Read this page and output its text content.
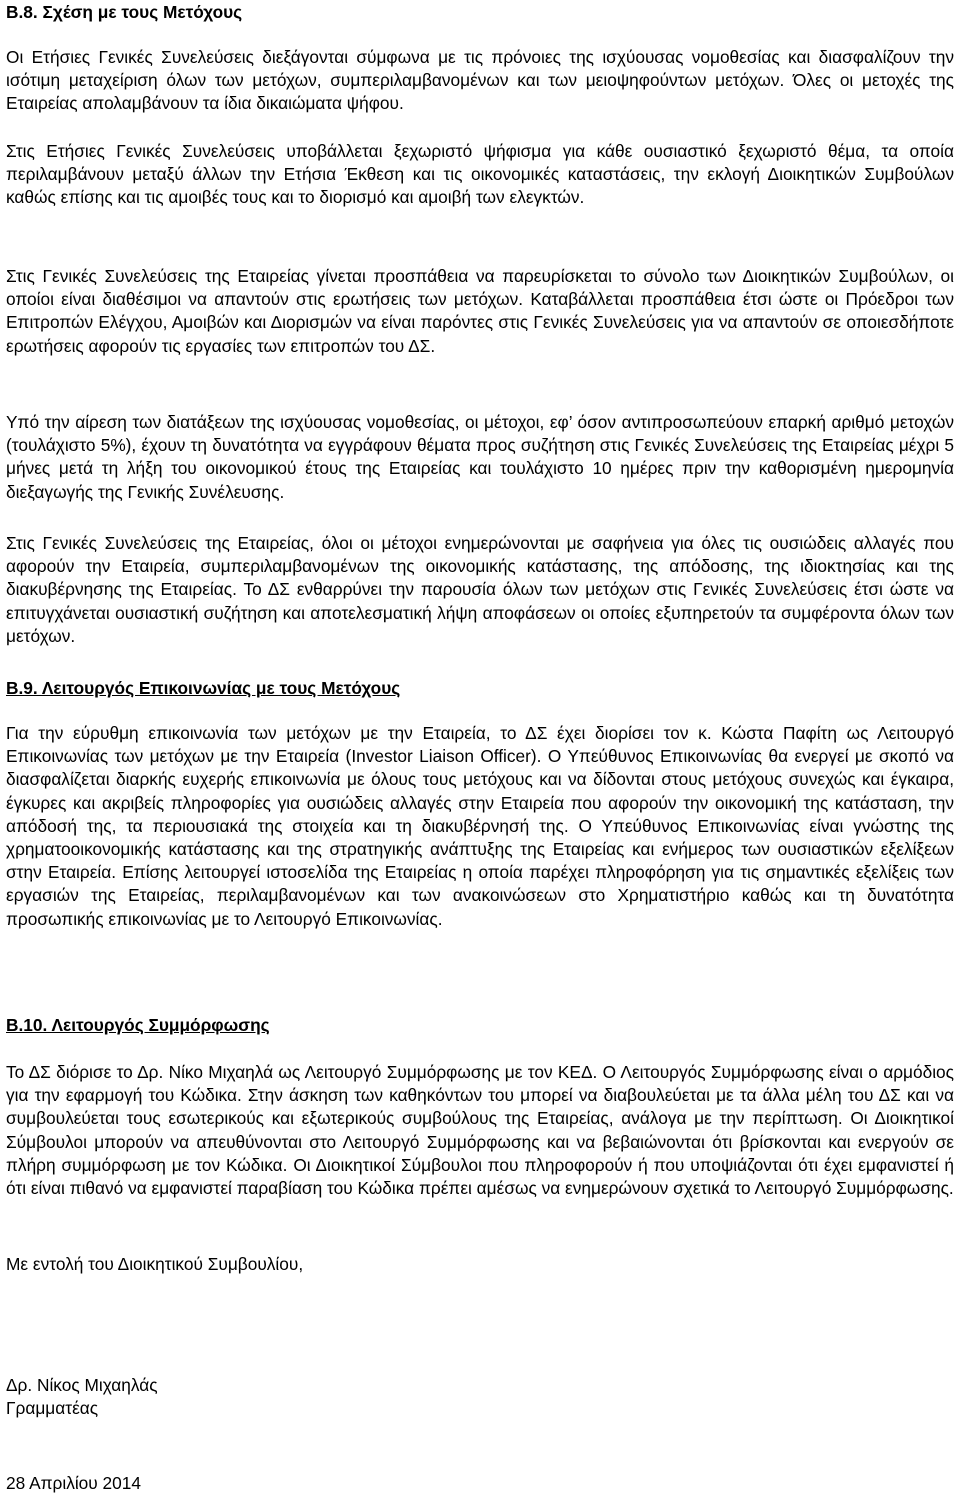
Β.8. Σχέση με τους Μετόχους

Οι Ετήσιες Γενικές Συνελεύσεις διεξάγονται σύμφωνα με τις πρόνοιες της ισχύουσας νομοθεσίας και διασφαλίζουν την ισότιμη μεταχείριση όλων των μετόχων, συμπεριλαμβανομένων και των μειοψηφούντων μετόχων. Όλες οι μετοχές της Εταιρείας απολαμβάνουν τα ίδια δικαιώματα ψήφου.

Στις Ετήσιες Γενικές Συνελεύσεις υποβάλλεται ξεχωριστό ψήφισμα για κάθε ουσιαστικό ξεχωριστό θέμα, τα οποία περιλαμβάνουν μεταξύ άλλων την Ετήσια Έκθεση και τις οικονομικές καταστάσεις, την εκλογή Διοικητικών Συμβούλων καθώς επίσης και τις αμοιβές τους και το διορισμό και αμοιβή των ελεγκτών.

Στις Γενικές Συνελεύσεις της Εταιρείας γίνεται προσπάθεια να παρευρίσκεται το σύνολο των Διοικητικών Συμβούλων, οι οποίοι είναι διαθέσιμοι να απαντούν στις ερωτήσεις των μετόχων. Καταβάλλεται προσπάθεια έτσι ώστε οι Πρόεδροι των Επιτροπών Ελέγχου, Αμοιβών και Διορισμών να είναι παρόντες στις Γενικές Συνελεύσεις για να απαντούν σε οποιεσδήποτε ερωτήσεις αφορούν τις εργασίες των επιτροπών του ΔΣ.

Υπό την αίρεση των διατάξεων της ισχύουσας νομοθεσίας, οι μέτοχοι, εφ’ όσον αντιπροσωπεύουν επαρκή αριθμό μετοχών (τουλάχιστο 5%), έχουν τη δυνατότητα να εγγράφουν θέματα προς συζήτηση στις Γενικές Συνελεύσεις της Εταιρείας μέχρι 5 μήνες μετά τη λήξη του οικονομικού έτους της Εταιρείας και τουλάχιστο 10 ημέρες πριν την καθορισμένη ημερομηνία διεξαγωγής της Γενικής Συνέλευσης.

Στις Γενικές Συνελεύσεις της Εταιρείας, όλοι οι μέτοχοι ενημερώνονται με σαφήνεια για όλες τις ουσιώδεις αλλαγές που αφορούν την Εταιρεία, συμπεριλαμβανομένων της οικονομικής κατάστασης, της απόδοσης, της ιδιοκτησίας και της διακυβέρνησης της Εταιρείας. Το ΔΣ ενθαρρύνει την παρουσία όλων των μετόχων στις Γενικές Συνελεύσεις έτσι ώστε να επιτυγχάνεται ουσιαστική συζήτηση και αποτελεσματική λήψη αποφάσεων οι οποίες εξυπηρετούν τα συμφέροντα όλων των μετόχων.

Β.9. Λειτουργός Επικοινωνίας με τους Μετόχους

Για την εύρυθμη επικοινωνία των μετόχων με την Εταιρεία, το ΔΣ έχει διορίσει τον κ. Κώστα Παφίτη ως Λειτουργό Επικοινωνίας των μετόχων με την Εταιρεία (Investor Liaison Officer). Ο Υπεύθυνος Επικοινωνίας θα ενεργεί με σκοπό να διασφαλίζεται διαρκής ευχερής επικοινωνία με όλους τους μετόχους και να δίδονται στους μετόχους συνεχώς και έγκαιρα, έγκυρες και ακριβείς πληροφορίες για ουσιώδεις αλλαγές στην Εταιρεία που αφορούν την οικονομική της κατάσταση, την απόδοσή της, τα περιουσιακά της στοιχεία και τη διακυβέρνησή της. Ο Υπεύθυνος Επικοινωνίας είναι γνώστης της χρηματοοικονομικής κατάστασης και της στρατηγικής ανάπτυξης της Εταιρείας και ενήμερος των ουσιαστικών εξελίξεων στην Εταιρεία. Επίσης λειτουργεί ιστοσελίδα της Εταιρείας η οποία παρέχει πληροφόρηση για τις σημαντικές εξελίξεις των εργασιών της Εταιρείας, περιλαμβανομένων και των ανακοινώσεων στο Χρηματιστήριο καθώς και τη δυνατότητα προσωπικής επικοινωνίας με το Λειτουργό Επικοινωνίας.

Β.10. Λειτουργός Συμμόρφωσης

Το ΔΣ διόρισε το Δρ. Νίκο Μιχαηλά ως Λειτουργό Συμμόρφωσης με τον ΚΕΔ. Ο Λειτουργός Συμμόρφωσης είναι ο αρμόδιος για την εφαρμογή του Κώδικα. Στην άσκηση των καθηκόντων του μπορεί να διαβουλεύεται με τα άλλα μέλη του ΔΣ και να συμβουλεύεται τους εσωτερικούς και εξωτερικούς συμβούλους της Εταιρείας, ανάλογα με την περίπτωση. Οι Διοικητικοί Σύμβουλοι μπορούν να απευθύνονται στο Λειτουργό Συμμόρφωσης και να βεβαιώνονται ότι βρίσκονται και ενεργούν σε πλήρη συμμόρφωση με τον Κώδικα. Οι Διοικητικοί Σύμβουλοι που πληροφορούν ή που υποψιάζονται ότι έχει εμφανιστεί ή ότι είναι πιθανό να εμφανιστεί παραβίαση του Κώδικα πρέπει αμέσως να ενημερώνουν σχετικά το Λειτουργό Συμμόρφωσης.

Με εντολή του Διοικητικού Συμβουλίου,

Δρ. Νίκος Μιχαηλάς

Γραμματέας

28 Απριλίου 2014
